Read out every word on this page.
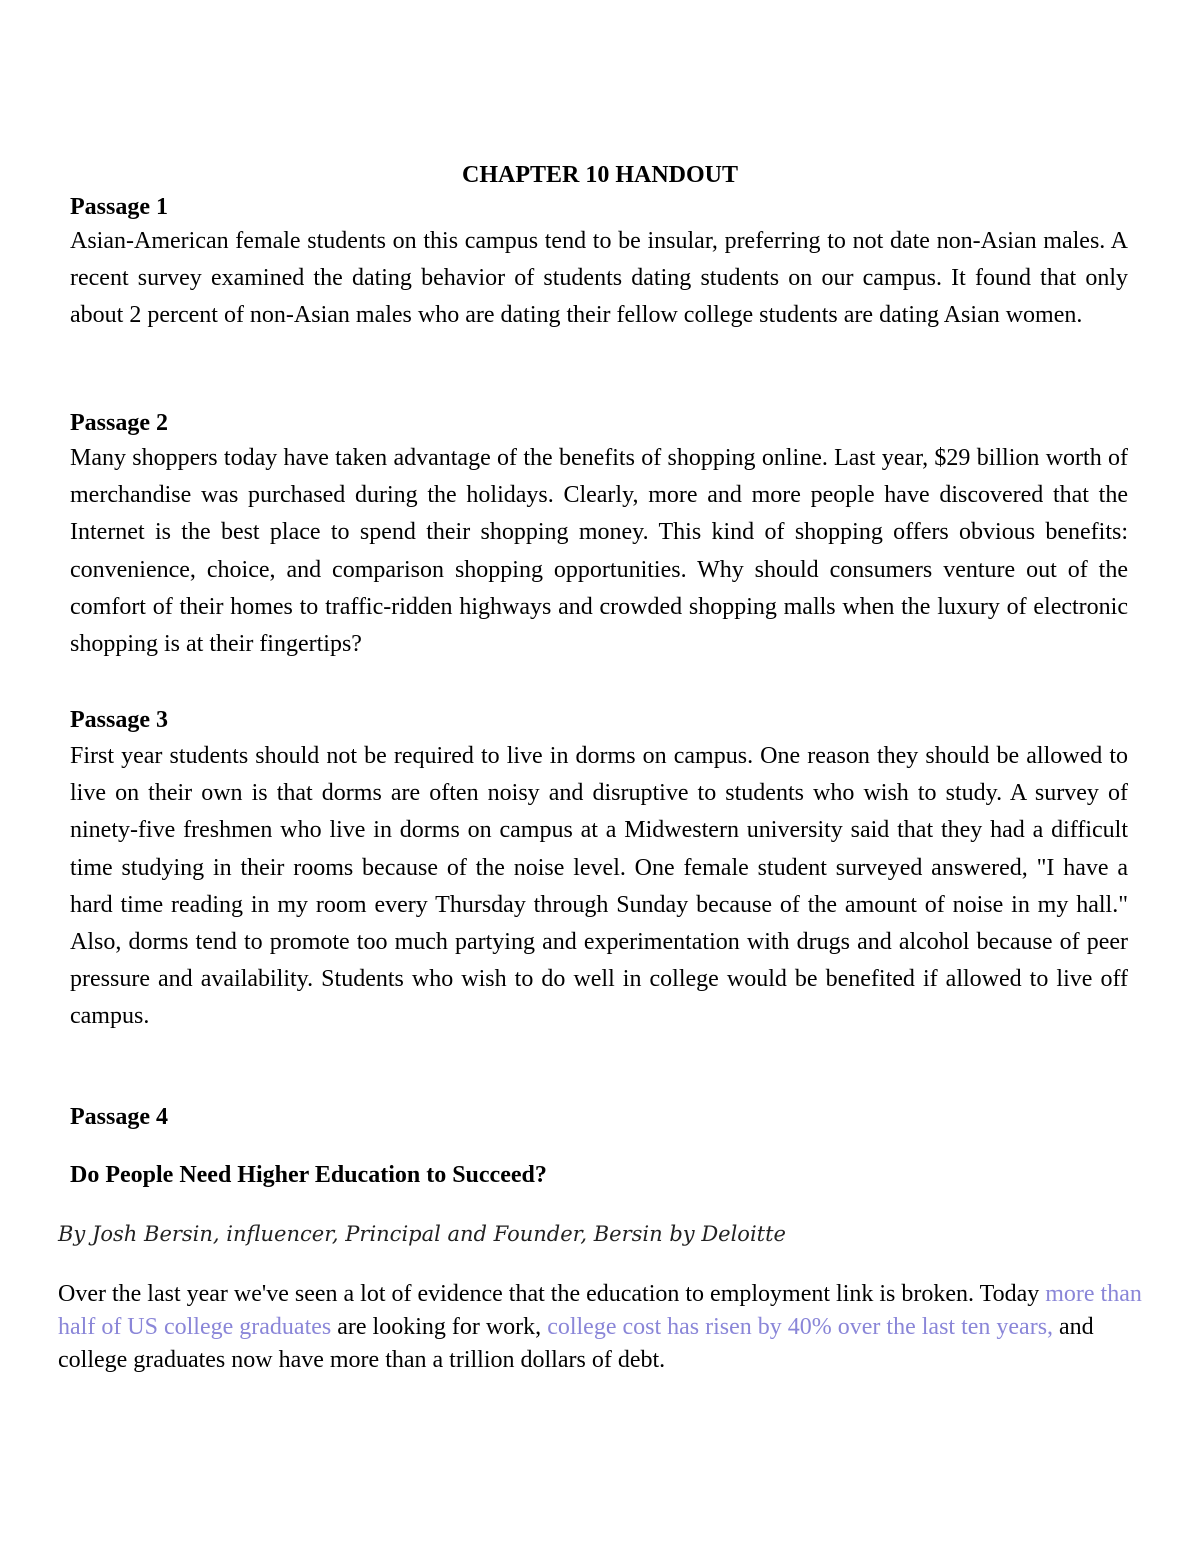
CHAPTER 10 HANDOUT
Passage 1

Asian-American female students on this campus tend to be insular, preferring to not date non-Asian males. A recent survey examined the dating behavior of students dating students on our campus. It found that only about 2 percent of non-Asian males who are dating their fellow college students are dating Asian women.

Passage 2

Many shoppers today have taken advantage of the benefits of shopping online. Last year, $29 billion worth of merchandise was purchased during the holidays. Clearly, more and more people have discovered that the Internet is the best place to spend their shopping money. This kind of shopping offers obvious benefits: convenience, choice, and comparison shopping opportunities. Why should consumers venture out of the comfort of their homes to traffic-ridden highways and crowded shopping malls when the luxury of electronic shopping is at their fingertips?

Passage 3

First year students should not be required to live in dorms on campus. One reason they should be allowed to live on their own is that dorms are often noisy and disruptive to students who wish to study. A survey of ninety-five freshmen who live in dorms on campus at a Midwestern university said that they had a difficult time studying in their rooms because of the noise level. One female student surveyed answered, "I have a hard time reading in my room every Thursday through Sunday because of the amount of noise in my hall." Also, dorms tend to promote too much partying and experimentation with drugs and alcohol because of peer pressure and availability. Students who wish to do well in college would be benefited if allowed to live off campus.

Passage 4
Do People Need Higher Education to Succeed?

By Josh Bersin, influencer, Principal and Founder, Bersin by Deloitte

Over the last year we've seen a lot of evidence that the education to employment link is broken. Today more than half of US college graduates are looking for work, college cost has risen by 40% over the last ten years, and college graduates now have more than a trillion dollars of debt.
